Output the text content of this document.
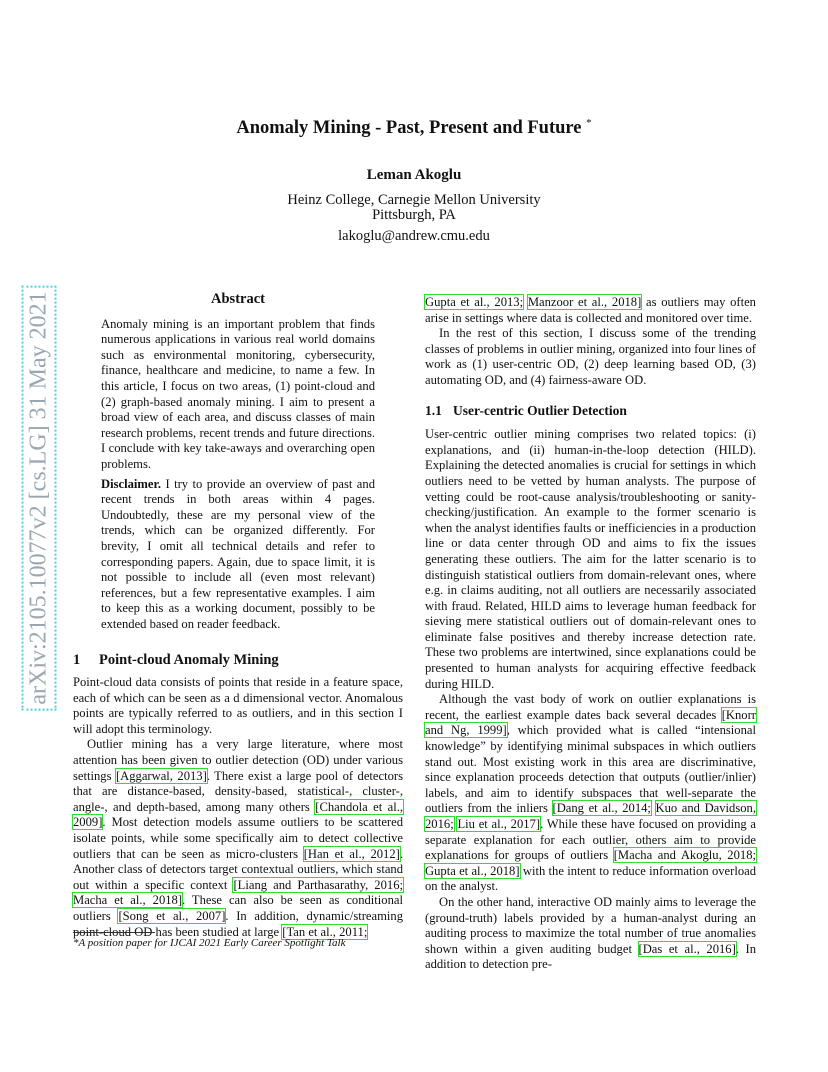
arXiv:2105.10077v2 [cs.LG] 31 May 2021
Anomaly Mining - Past, Present and Future *
Leman Akoglu
Heinz College, Carnegie Mellon University
Pittsburgh, PA
lakoglu@andrew.cmu.edu
Abstract

Anomaly mining is an important problem that finds numerous applications in various real world domains such as environmental monitoring, cybersecurity, finance, healthcare and medicine, to name a few. In this article, I focus on two areas, (1) point-cloud and (2) graph-based anomaly mining. I aim to present a broad view of each area, and discuss classes of main research problems, recent trends and future directions. I conclude with key take-aways and overarching open problems.

Disclaimer. I try to provide an overview of past and recent trends in both areas within 4 pages. Undoubtedly, these are my personal view of the trends, which can be organized differently. For brevity, I omit all technical details and refer to corresponding papers. Again, due to space limit, it is not possible to include all (even most relevant) references, but a few representative examples. I aim to keep this as a working document, possibly to be extended based on reader feedback.

1 Point-cloud Anomaly Mining

Point-cloud data consists of points that reside in a feature space, each of which can be seen as a d dimensional vector. Anomalous points are typically referred to as outliers, and in this section I will adopt this terminology.

Outlier mining has a very large literature, where most attention has been given to outlier detection (OD) under various settings [Aggarwal, 2013]. There exist a large pool of detectors that are distance-based, density-based, statistical-, cluster-, angle-, and depth-based, among many others [Chandola et al., 2009]. Most detection models assume outliers to be scattered isolate points, while some specifically aim to detect collective outliers that can be seen as micro-clusters [Han et al., 2012]. Another class of detectors target contextual outliers, which stand out within a specific context [Liang and Parthasarathy, 2016; Macha et al., 2018]. These can also be seen as conditional outliers [Song et al., 2007]. In addition, dynamic/streaming point-cloud OD has been studied at large [Tan et al., 2011;

*A position paper for IJCAI 2021 Early Career Spotlight Talk

Gupta et al., 2013; Manzoor et al., 2018] as outliers may often arise in settings where data is collected and monitored over time.

In the rest of this section, I discuss some of the trending classes of problems in outlier mining, organized into four lines of work as (1) user-centric OD, (2) deep learning based OD, (3) automating OD, and (4) fairness-aware OD.

1.1 User-centric Outlier Detection

User-centric outlier mining comprises two related topics: (i) explanations, and (ii) human-in-the-loop detection (HILD). Explaining the detected anomalies is crucial for settings in which outliers need to be vetted by human analysts. The purpose of vetting could be root-cause analysis/troubleshooting or sanity-checking/justification. An example to the former scenario is when the analyst identifies faults or inefficiencies in a production line or data center through OD and aims to fix the issues generating these outliers. The aim for the latter scenario is to distinguish statistical outliers from domain-relevant ones, where e.g. in claims auditing, not all outliers are necessarily associated with fraud. Related, HILD aims to leverage human feedback for sieving mere statistical outliers out of domain-relevant ones to eliminate false positives and thereby increase detection rate. These two problems are intertwined, since explanations could be presented to human analysts for acquiring effective feedback during HILD.

Although the vast body of work on outlier explanations is recent, the earliest example dates back several decades [Knorr and Ng, 1999], which provided what is called “intensional knowledge” by identifying minimal subspaces in which outliers stand out. Most existing work in this area are discriminative, since explanation proceeds detection that outputs (outlier/inlier) labels, and aim to identify subspaces that well-separate the outliers from the inliers [Dang et al., 2014; Kuo and Davidson, 2016; Liu et al., 2017]. While these have focused on providing a separate explanation for each outlier, others aim to provide explanations for groups of outliers [Macha and Akoglu, 2018; Gupta et al., 2018] with the intent to reduce information overload on the analyst.

On the other hand, interactive OD mainly aims to leverage the (ground-truth) labels provided by a human-analyst during an auditing process to maximize the total number of true anomalies shown within a given auditing budget [Das et al., 2016]. In addition to detection pre-
